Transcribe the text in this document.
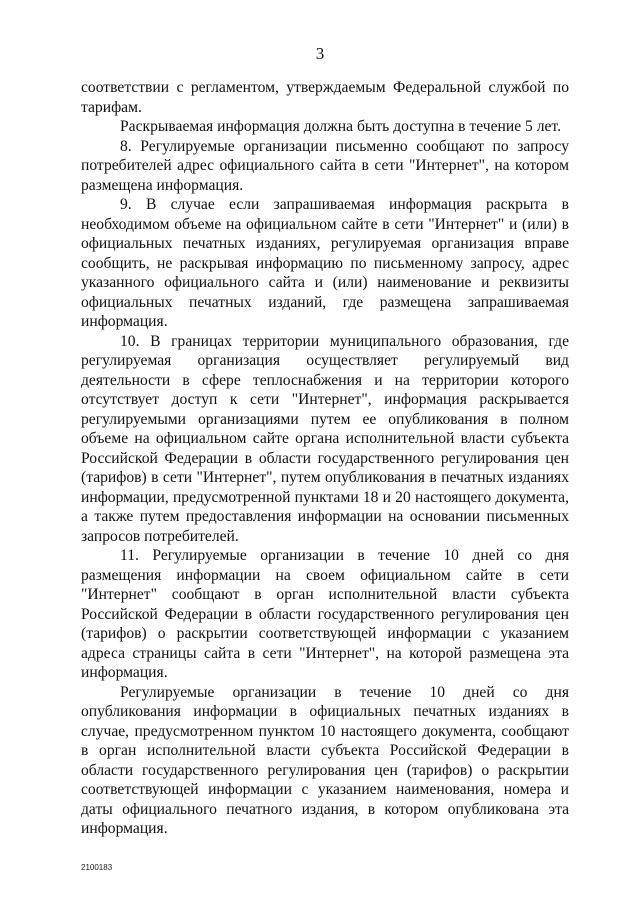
3

соответствии с регламентом, утверждаемым Федеральной службой по тарифам.

Раскрываемая информация должна быть доступна в течение 5 лет.

8. Регулируемые организации письменно сообщают по запросу потребителей адрес официального сайта в сети "Интернет", на котором размещена информация.

9. В случае если запрашиваемая информация раскрыта в необходимом объеме на официальном сайте в сети "Интернет" и (или) в официальных печатных изданиях, регулируемая организация вправе сообщить, не раскрывая информацию по письменному запросу, адрес указанного официального сайта и (или) наименование и реквизиты официальных печатных изданий, где размещена запрашиваемая информация.

10. В границах территории муниципального образования, где регулируемая организация осуществляет регулируемый вид деятельности в сфере теплоснабжения и на территории которого отсутствует доступ к сети "Интернет", информация раскрывается регулируемыми организациями путем ее опубликования в полном объеме на официальном сайте органа исполнительной власти субъекта Российской Федерации в области государственного регулирования цен (тарифов) в сети "Интернет", путем опубликования в печатных изданиях информации, предусмотренной пунктами 18 и 20 настоящего документа, а также путем предоставления информации на основании письменных запросов потребителей.

11. Регулируемые организации в течение 10 дней со дня размещения информации на своем официальном сайте в сети "Интернет" сообщают в орган исполнительной власти субъекта Российской Федерации в области государственного регулирования цен (тарифов) о раскрытии соответствующей информации с указанием адреса страницы сайта в сети "Интернет", на которой размещена эта информация.

Регулируемые организации в течение 10 дней со дня опубликования информации в официальных печатных изданиях в случае, предусмотренном пунктом 10 настоящего документа, сообщают в орган исполнительной власти субъекта Российской Федерации в области государственного регулирования цен (тарифов) о раскрытии соответствующей информации с указанием наименования, номера и даты официального печатного издания, в котором опубликована эта информация.

2100183
